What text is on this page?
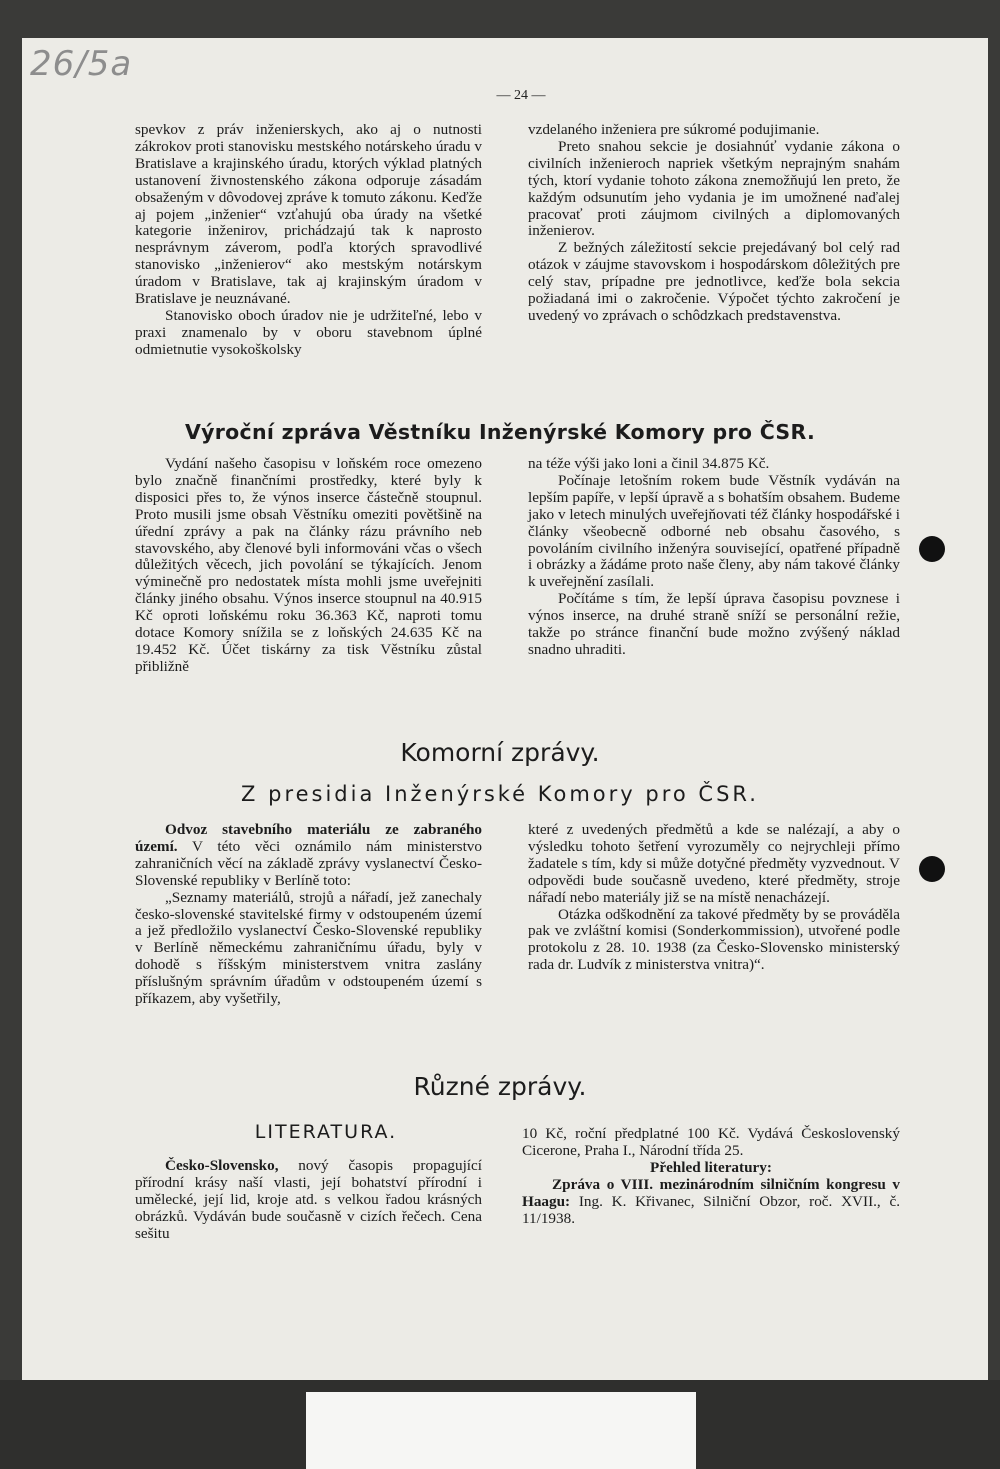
26/5a
— 24 —

spevkov z práv inženierskych, ako aj o nutnosti zákrokov proti stanovisku mestského notárskeho úradu v Bratislave a krajinského úradu, ktorých výklad platných ustanovení živnostenského zákona odporuje zásadám obsaženým v dôvodovej zpráve k tomuto zákonu. Keďže aj pojem „inženier“ vzťahujú oba úrady na všetké kategorie inženirov, prichádzajú tak k naprosto nesprávnym záverom, podľa ktorých spravodlivé stanovisko „inženierov“ ako mestským notárskym úradom v Bratislave, tak aj krajinským úradom v Bratislave je neuznávané.

Stanovisko oboch úradov nie je udržiteľné, lebo v praxi znamenalo by v oboru stavebnom úplné odmietnutie vysokoškolsky

vzdelaného inženiera pre súkromé podujimanie.

Preto snahou sekcie je dosiahnúť vydanie zákona o civilních inženieroch napriek všetkým neprajným snahám tých, ktorí vydanie tohoto zákona znemožňujú len preto, že každým odsunutím jeho vydania je im umožnené naďalej pracovať proti záujmom civilných a diplomovaných inženierov.

Z bežných záležitostí sekcie prejedávaný bol celý rad otázok v záujme stavovskom i hospodárskom dôležitých pre celý stav, prípadne pre jednotlivce, keďže bola sekcia požiadaná imi o zakročenie. Výpočet týchto zakročení je uvedený vo zprávach o schôdzkach predstavenstva.

Výroční zpráva Věstníku Inženýrské Komory pro ČSR.

Vydání našeho časopisu v loňském roce omezeno bylo značně finančními prostředky, které byly k disposici přes to, že výnos inserce částečně stoupnul. Proto musili jsme obsah Věstníku omeziti povětšině na úřední zprávy a pak na články rázu právního neb stavovského, aby členové byli informováni včas o všech důležitých věcech, jich povolání se týkajících. Jenom výminečně pro nedostatek místa mohli jsme uveřejniti články jiného obsahu. Výnos inserce stoupnul na 40.915 Kč oproti loňskému roku 36.363 Kč, naproti tomu dotace Komory snížila se z loňských 24.635 Kč na 19.452 Kč. Účet tiskárny za tisk Věstníku zůstal přibližně

na téže výši jako loni a činil 34.875 Kč.

Počínaje letošním rokem bude Věstník vydáván na lepším papíře, v lepší úpravě a s bohatším obsahem. Budeme jako v letech minulých uveřejňovati též články hospodářské i články všeobecně odborné neb obsahu časového, s povoláním civilního inženýra související, opatřené případně i obrázky a žádáme proto naše členy, aby nám takové články k uveřejnění zasílali.

Počítáme s tím, že lepší úprava časopisu povznese i výnos inserce, na druhé straně sníží se personální režie, takže po stránce finanční bude možno zvýšený náklad snadno uhraditi.

Komorní zprávy.
Z presidia Inženýrské Komory pro ČSR.

Odvoz stavebního materiálu ze zabraného území. V této věci oznámilo nám ministerstvo zahraničních věcí na základě zprávy vyslanectví Česko-Slovenské republiky v Berlíně toto:

„Seznamy materiálů, strojů a nářadí, jež zanechaly česko-slovenské stavitelské firmy v odstoupeném území a jež předložilo vyslanectví Česko-Slovenské republiky v Berlíně německému zahraničnímu úřadu, byly v dohodě s říšským ministerstvem vnitra zaslány příslušným správním úřadům v odstoupeném území s příkazem, aby vyšetřily,

které z uvedených předmětů a kde se nalézají, a aby o výsledku tohoto šetření vyrozuměly co nejrychleji přímo žadatele s tím, kdy si může dotyčné předměty vyzvednout. V odpovědi bude současně uvedeno, které předměty, stroje nářadí nebo materiály již se na místě nenacházejí.

Otázka odškodnění za takové předměty by se prováděla pak ve zvláštní komisi (Sonderkommission), utvořené podle protokolu z 28. 10. 1938 (za Česko-Slovensko ministerský rada dr. Ludvík z ministerstva vnitra)“.

Různé zprávy.
LITERATURA.

Česko-Slovensko, nový časopis propagující přírodní krásy naší vlasti, její bohatství přírodní i umělecké, její lid, kroje atd. s velkou řadou krásných obrázků. Vydáván bude současně v cizích řečech. Cena sešitu

10 Kč, roční předplatné 100 Kč. Vydává Československý Cicerone, Praha I., Národní třída 25.

Přehled literatury:

Zpráva o VIII. mezinárodním silničním kongresu v Haagu: Ing. K. Křivanec, Silniční Obzor, roč. XVII., č. 11/1938.
